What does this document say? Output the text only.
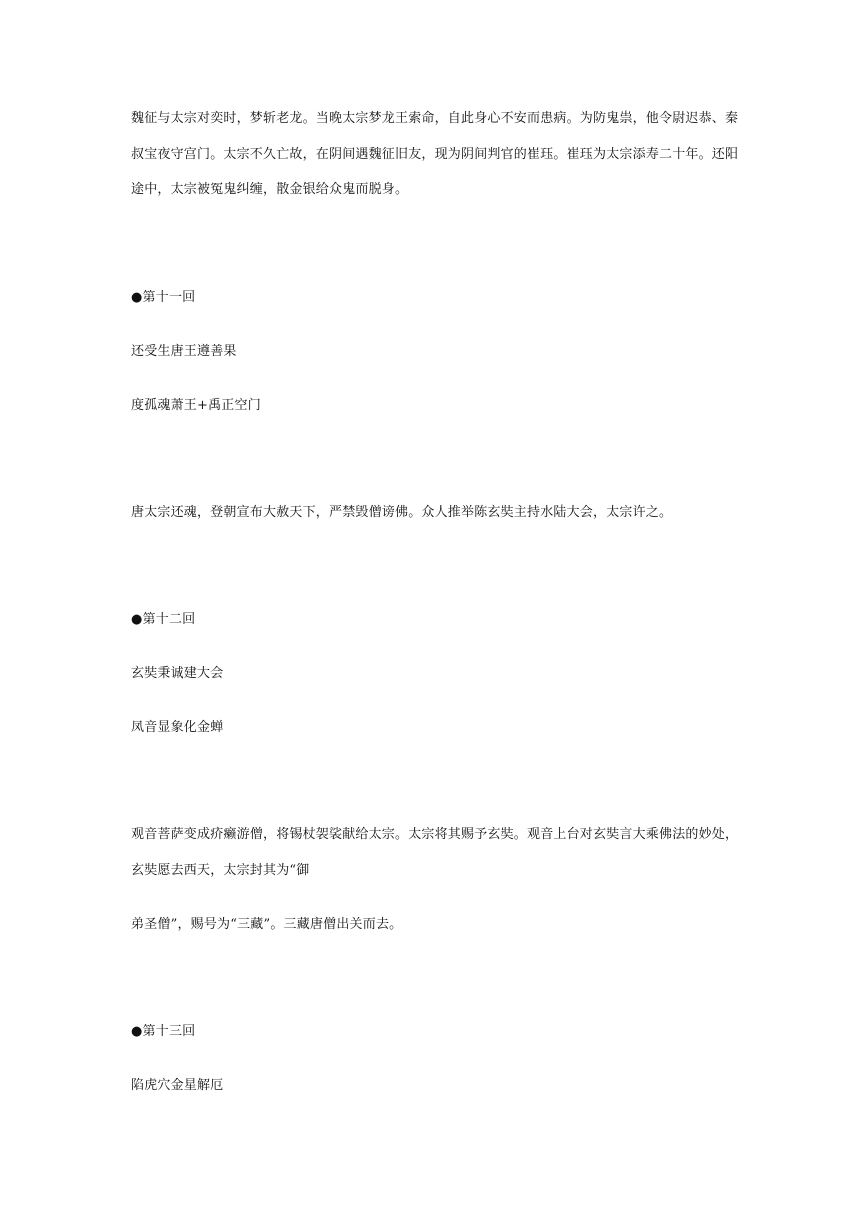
魏征与太宗对奕时，梦斩老龙。当晚太宗梦龙王索命，自此身心不安而患病。为防鬼祟，他令尉迟恭、秦
叔宝夜守宫门。太宗不久亡故，在阴间遇魏征旧友，现为阴间判官的崔珏。崔珏为太宗添寿二十年。还阳
途中，太宗被冤鬼纠缠，散金银给众鬼而脱身。
●第十一回
还受生唐王遵善果
度孤魂萧王+禹正空门
唐太宗还魂，登朝宣布大赦天下，严禁毁僧谤佛。众人推举陈玄奘主持水陆大会，太宗许之。
●第十二回
玄奘秉诚建大会
凤音显象化金蝉
观音菩萨变成疥癞游僧，将锡杖袈裟献给太宗。太宗将其赐予玄奘。观音上台对玄奘言大乘佛法的妙处，
玄奘愿去西天，太宗封其为“御
弟圣僧”，赐号为“三藏”。三藏唐僧出关而去。
●第十三回
陷虎穴金星解厄
